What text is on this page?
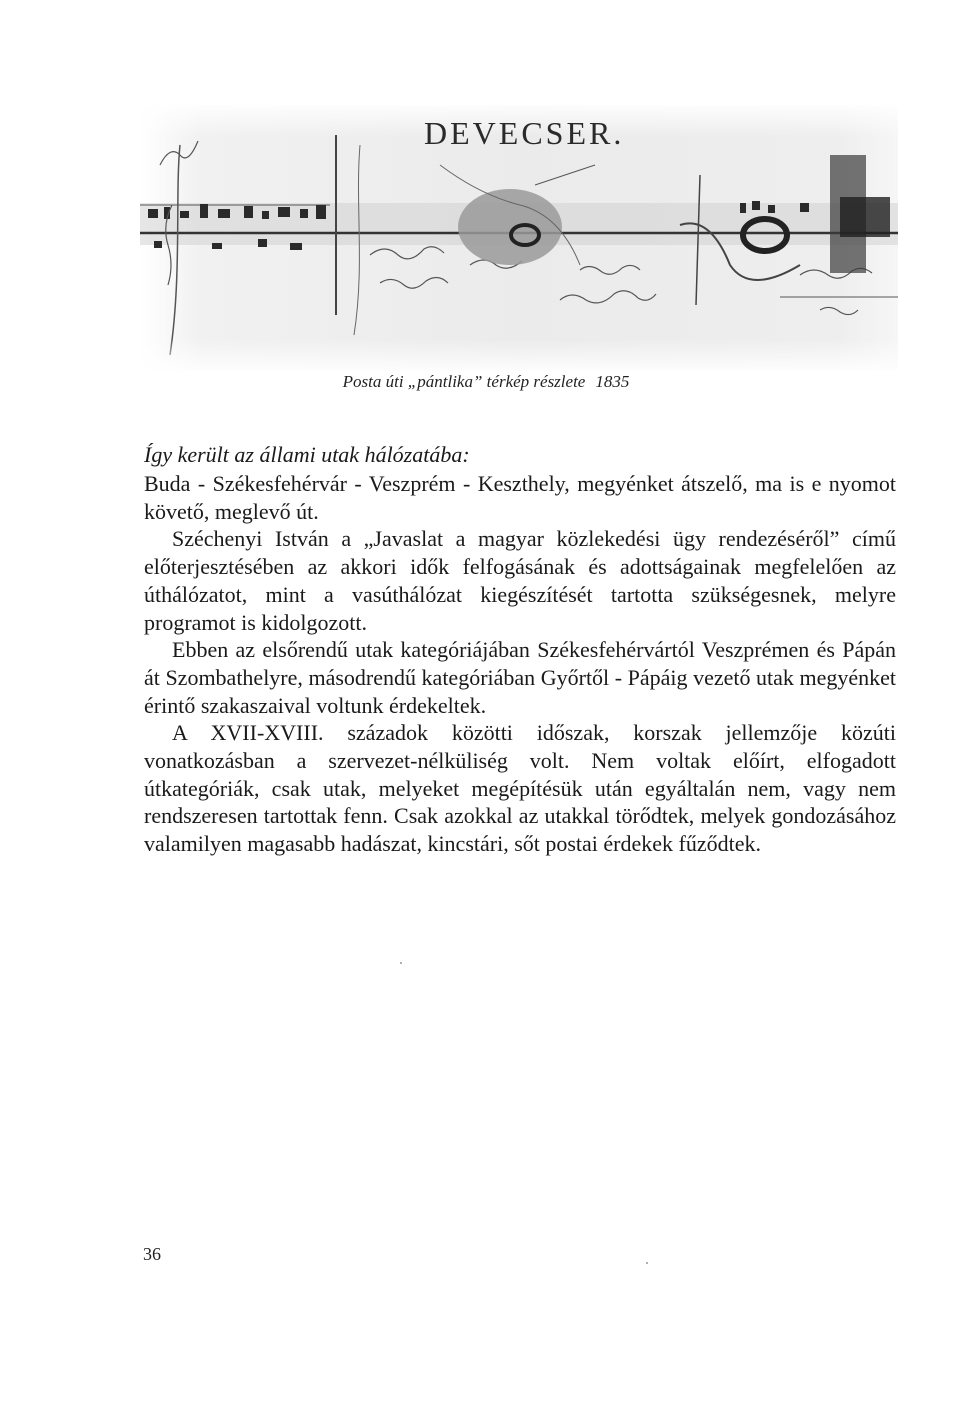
DEVECSER.
Posta úti „pántlika” térkép részlete 1835
Így került az állami utak hálózatába:

Buda - Székesfehérvár - Veszprém - Keszthely, megyénket átszelő, ma is e nyomot követő, meglevő út.

Széchenyi István a „Javaslat a magyar közlekedési ügy rendezéséről” című előterjesztésében az akkori idők felfogásának és adottságainak megfelelően az úthálózatot, mint a vasúthálózat kiegészítését tartotta szükségesnek, melyre programot is kidolgozott.

Ebben az elsőrendű utak kategóriájában Székesfehérvártól Veszprémen és Pápán át Szombathelyre, másodrendű kategóriában Győrtől - Pápáig vezető utak megyénket érintő szakaszaival voltunk érdekeltek.

A XVII-XVIII. századok közötti időszak, korszak jellemzője közúti vonatkozásban a szervezet-nélküliség volt. Nem voltak előírt, elfogadott útkategóriák, csak utak, melyeket megépítésük után egyáltalán nem, vagy nem rendszeresen tartottak fenn. Csak azokkal az utakkal törődtek, melyek gondozásához valamilyen magasabb hadászat, kincstári, sőt postai érdekek fűződtek.

36
